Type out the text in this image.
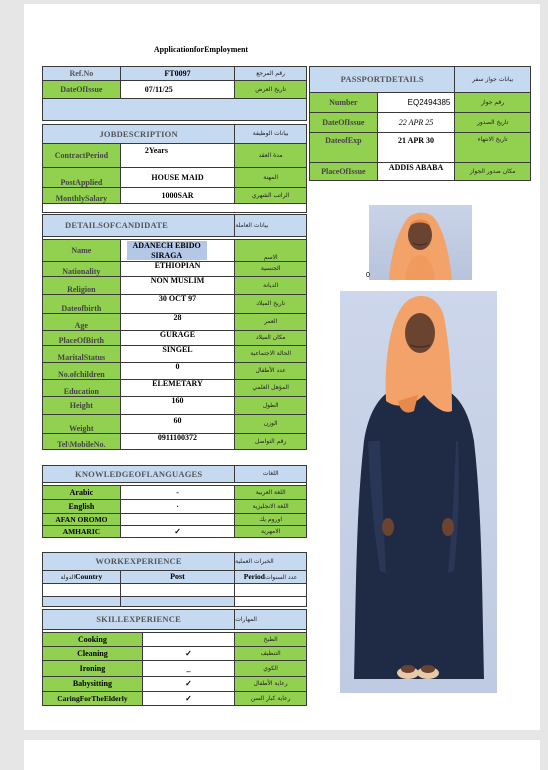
ApplicationforEmployment
Ref.No	FT0097	رقم المرجع
DateOfIssue	07/11/25	تاريخ العرض

JOBDESCRIPTION		بيانات الوظيفة
ContractPeriod	2Years	مدة العقد
PostApplied	HOUSE MAID	المهنة
MonthlySalary	1000SAR	الراتب الشهري

PASSPORTDETAILS		بيانات جواز سفر
Number	EQ2494385	رقم جواز
DateOfIssue	22 APR 25	تاريخ الصدور
DateofExp	21 APR 30	تاريخ الانتهاء
PlaceOfIssue	ADDIS ABABA	مكان صدور الجواز
DETAILSOFCANDIDATE		بيانات العاملة

Name	ADANECH EBIDO SIRAGA	الاسم
Nationality	ETHIOPIAN	الجنسية
Religion	NON MUSLIM	الديانة
Dateofbirth	30 OCT 97	تاريخ الميلاد
Age	28	العمر
PlaceOfBirth	GURAGE	مكان الميلاد
MaritalStatus	SINGEL	الحالة الاجتماعية
No.ofchildren	0	عدد الأطفال
Education	ELEMETARY	المؤهل العلمي
Height	160	الطول
Weight	60	الوزن
Tel\MobileNo.	0911100372	رقم التواصل
KNOWLEDGEOFLANGUAGES		اللغات

Arabic	-	اللغة العربية
English	·	اللغة الانجليزية
AFAN OROMO		اوروم يك
AMHARIC	✓	الامهرية
WORKEXPERIENCE		الخبرات العملية
الدولةCountry	Post	Periodعدد السنوات

SKILLEXPERIENCE		المهارات

Cooking		الطبخ
Cleaning	✓	التنظيف
Ironing	_	الكوي
Babysitting	✓	رعاية الأطفال
CaringForTheElderly	✓	رعاية كبار السن
0
